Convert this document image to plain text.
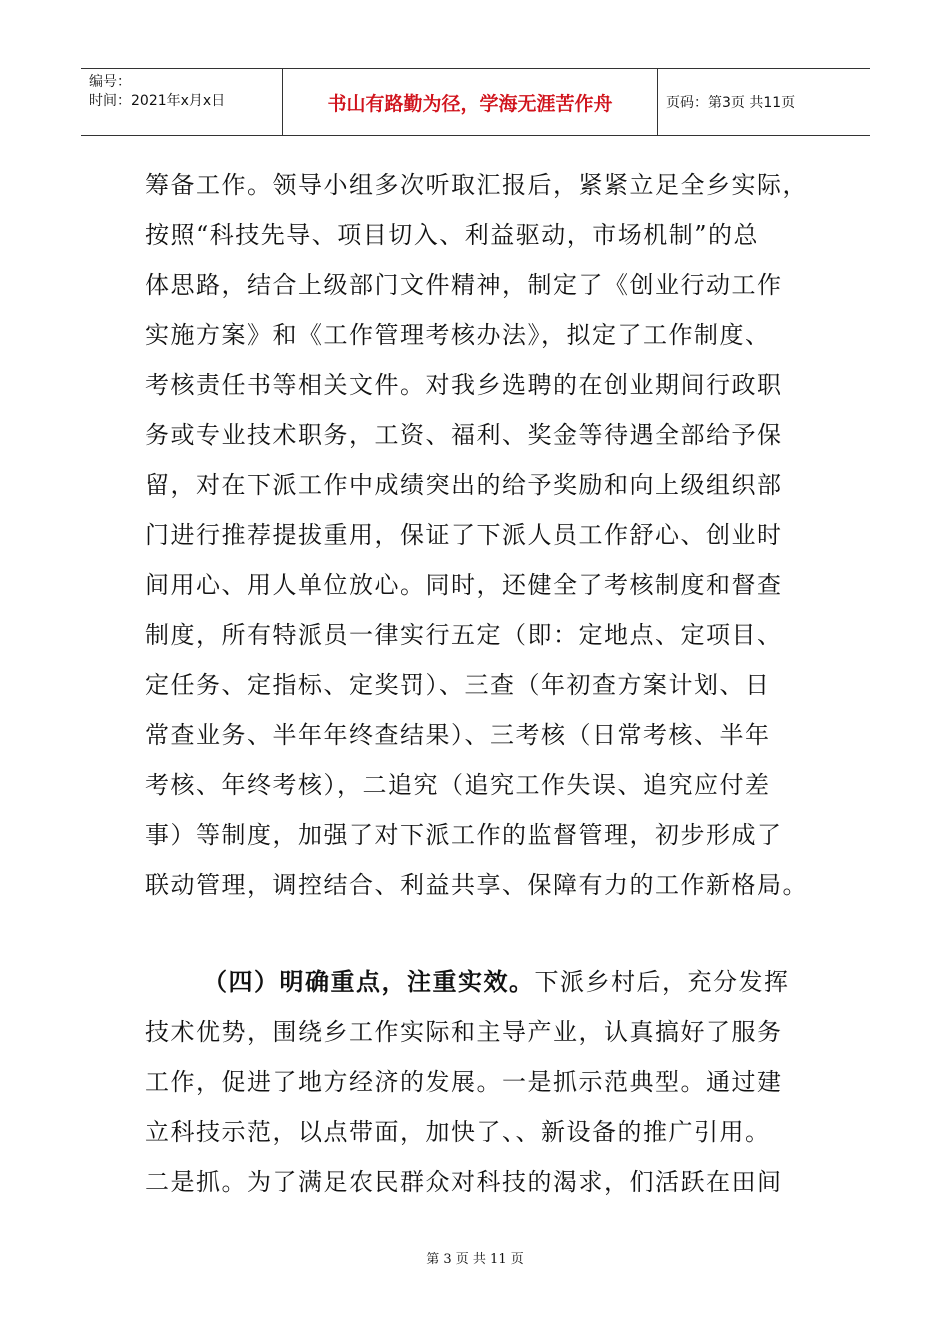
编号：
时间：2021年x月x日	书山有路勤为径，学海无涯苦作舟	页码：第3页 共11页
筹备工作。领导小组多次听取汇报后，紧紧立足全乡实际，
按照“科技先导、项目切入、利益驱动，市场机制”的总
体思路，结合上级部门文件精神，制定了《创业行动工作
实施方案》和《工作管理考核办法》，拟定了工作制度、
考核责任书等相关文件。对我乡选聘的在创业期间行政职
务或专业技术职务，工资、福利、奖金等待遇全部给予保
留，对在下派工作中成绩突出的给予奖励和向上级组织部
门进行推荐提拔重用，保证了下派人员工作舒心、创业时
间用心、用人单位放心。同时，还健全了考核制度和督查
制度，所有特派员一律实行五定（即：定地点、定项目、
定任务、定指标、定奖罚）、三查（年初查方案计划、日
常查业务、半年年终查结果）、三考核（日常考核、半年
考核、年终考核），二追究（追究工作失误、追究应付差
事）等制度，加强了对下派工作的监督管理，初步形成了
联动管理，调控结合、利益共享、保障有力的工作新格局。
（四）明确重点，注重实效。下派乡村后，充分发挥
技术优势，围绕乡工作实际和主导产业，认真搞好了服务
工作，促进了地方经济的发展。一是抓示范典型。通过建
立科技示范，以点带面，加快了、、新设备的推广引用。
二是抓。为了满足农民群众对科技的渴求，们活跃在田间
第 3 页 共 11 页
